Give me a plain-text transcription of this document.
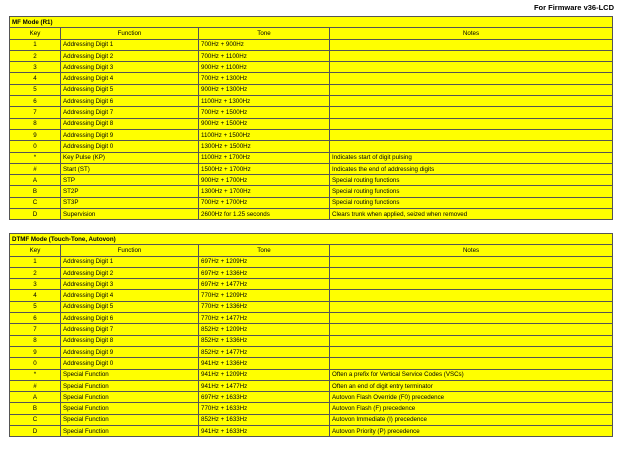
For Firmware v36-LCD
MF Mode (R1)			
Key	Function	Tone	Notes
1	Addressing Digit 1	700Hz + 900Hz	
2	Addressing Digit 2	700Hz + 1100Hz	
3	Addressing Digit 3	900Hz + 1100Hz	
4	Addressing Digit 4	700Hz + 1300Hz	
5	Addressing Digit 5	900Hz + 1300Hz	
6	Addressing Digit 6	1100Hz + 1300Hz	
7	Addressing Digit 7	700Hz + 1500Hz	
8	Addressing Digit 8	900Hz + 1500Hz	
9	Addressing Digit 9	1100Hz + 1500Hz	
0	Addressing Digit 0	1300Hz + 1500Hz	
*	Key Pulse (KP)	1100Hz + 1700Hz	Indicates start of digit pulsing
#	Start (ST)	1500Hz + 1700Hz	Indicates the end of addressing digits
A	STP	900Hz + 1700Hz	Special routing functions
B	ST2P	1300Hz + 1700Hz	Special routing functions
C	ST3P	700Hz + 1700Hz	Special routing functions
D	Supervision	2600Hz for 1.25 seconds	Clears trunk when applied, seized when removed
DTMF Mode (Touch-Tone, Autovon)			
Key	Function	Tone	Notes
1	Addressing Digit 1	697Hz + 1209Hz	
2	Addressing Digit 2	697Hz + 1336Hz	
3	Addressing Digit 3	697Hz + 1477Hz	
4	Addressing Digit 4	770Hz + 1209Hz	
5	Addressing Digit 5	770Hz + 1336Hz	
6	Addressing Digit 6	770Hz + 1477Hz	
7	Addressing Digit 7	852Hz + 1209Hz	
8	Addressing Digit 8	852Hz + 1336Hz	
9	Addressing Digit 9	852Hz + 1477Hz	
0	Addressing Digit 0	941Hz + 1336Hz	
*	Special Function	941Hz + 1209Hz	Often a prefix for Vertical Service Codes (VSCs)
#	Special Function	941Hz + 1477Hz	Often an end of digit entry terminator
A	Special Function	697Hz + 1633Hz	Autovon Flash Override (F0) precedence
B	Special Function	770Hz + 1633Hz	Autovon Flash (F) precedence
C	Special Function	852Hz + 1633Hz	Autovon Immediate (I) precedence
D	Special Function	941Hz + 1633Hz	Autovon Priority (P) precedence
